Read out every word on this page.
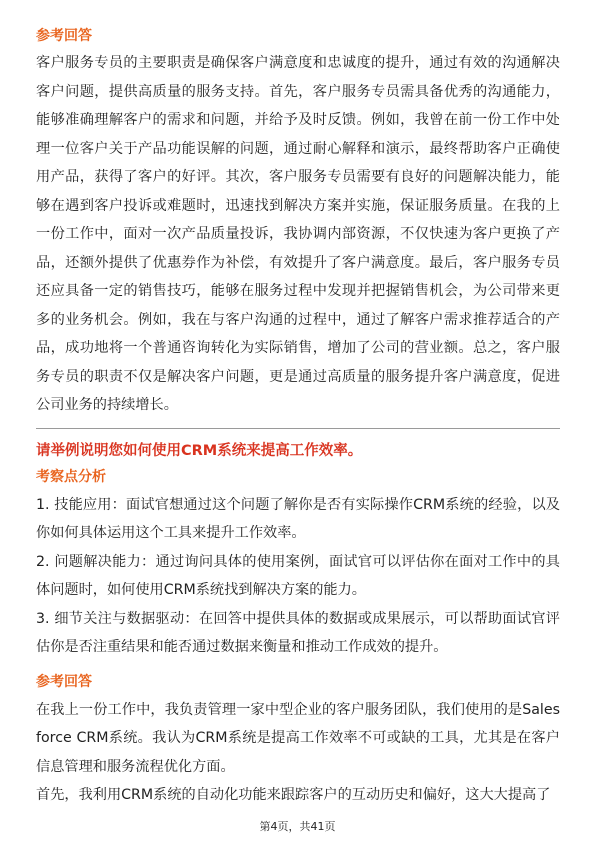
参考回答

客户服务专员的主要职责是确保客户满意度和忠诚度的提升，通过有效的沟通解决客户问题，提供高质量的服务支持。首先，客户服务专员需具备优秀的沟通能力，能够准确理解客户的需求和问题，并给予及时反馈。例如，我曾在前一份工作中处理一位客户关于产品功能误解的问题，通过耐心解释和演示，最终帮助客户正确使用产品，获得了客户的好评。其次，客户服务专员需要有良好的问题解决能力，能够在遇到客户投诉或难题时，迅速找到解决方案并实施，保证服务质量。在我的上一份工作中，面对一次产品质量投诉，我协调内部资源，不仅快速为客户更换了产品，还额外提供了优惠券作为补偿，有效提升了客户满意度。最后，客户服务专员还应具备一定的销售技巧，能够在服务过程中发现并把握销售机会，为公司带来更多的业务机会。例如，我在与客户沟通的过程中，通过了解客户需求推荐适合的产品，成功地将一个普通咨询转化为实际销售，增加了公司的营业额。总之，客户服务专员的职责不仅是解决客户问题，更是通过高质量的服务提升客户满意度，促进公司业务的持续增长。

请举例说明您如何使用CRM系统来提高工作效率。

考察点分析

1. 技能应用：面试官想通过这个问题了解你是否有实际操作CRM系统的经验，以及你如何具体运用这个工具来提升工作效率。

2. 问题解决能力：通过询问具体的使用案例，面试官可以评估你在面对工作中的具体问题时，如何使用CRM系统找到解决方案的能力。

3. 细节关注与数据驱动：在回答中提供具体的数据或成果展示，可以帮助面试官评估你是否注重结果和能否通过数据来衡量和推动工作成效的提升。

参考回答

在我上一份工作中，我负责管理一家中型企业的客户服务团队，我们使用的是Salesforce CRM系统。我认为CRM系统是提高工作效率不可或缺的工具，尤其是在客户信息管理和服务流程优化方面。

首先，我利用CRM系统的自动化功能来跟踪客户的互动历史和偏好，这大大提高了

第4页，共41页
